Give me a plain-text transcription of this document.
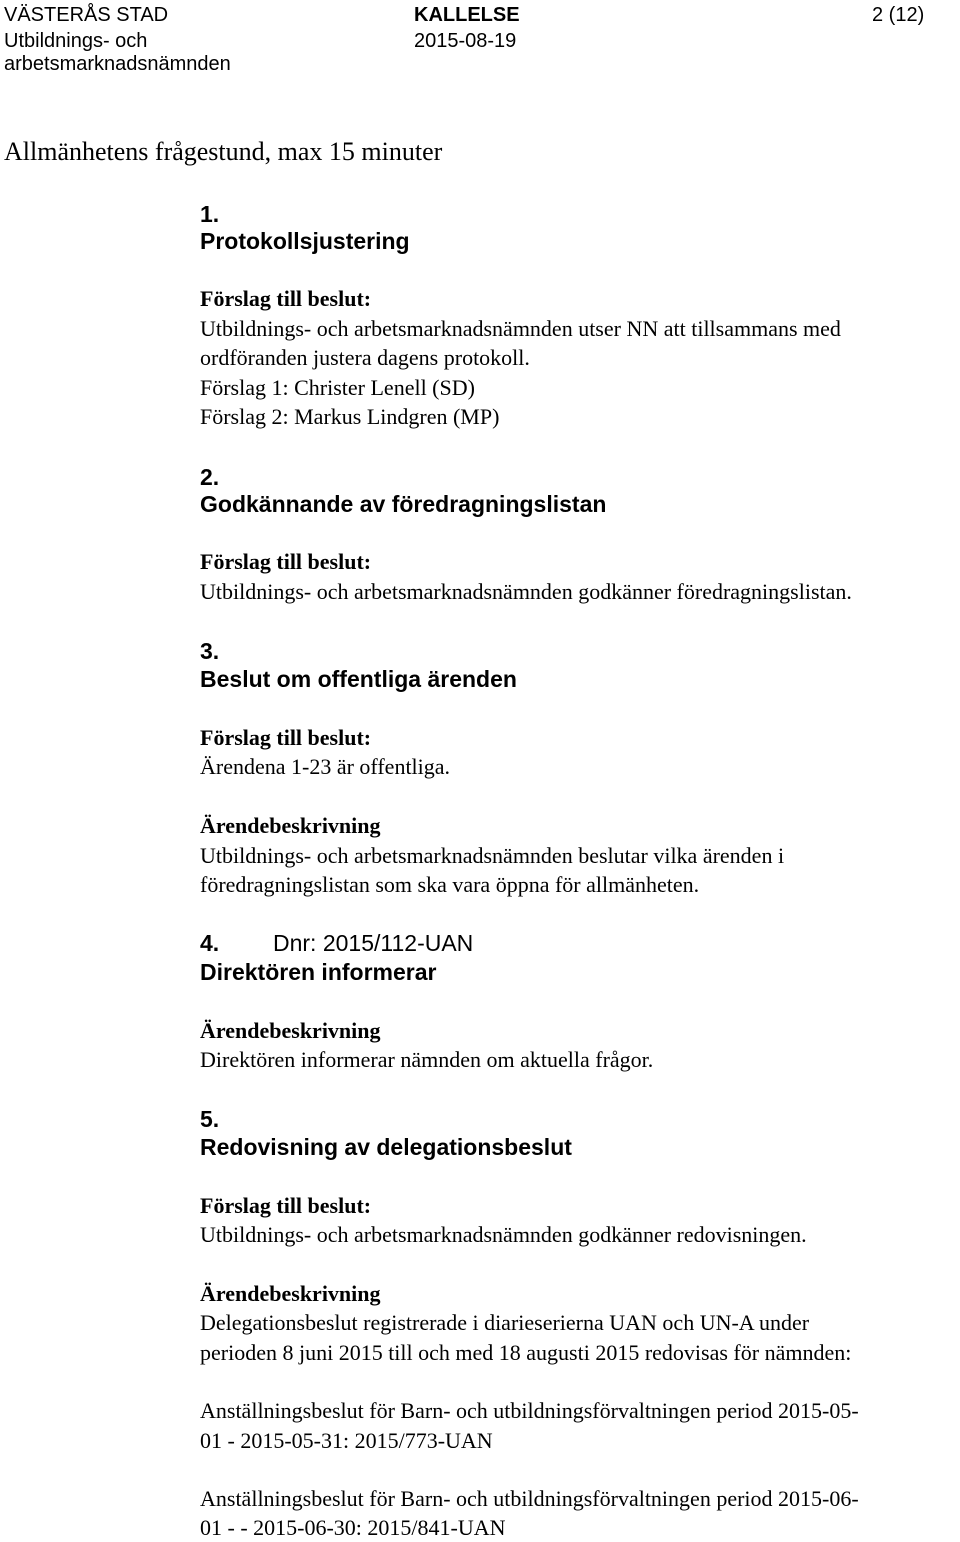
VÄSTERÅS STAD
Utbildnings- och
arbetsmarknadsnämnden
KALLELSE
2015-08-19
2 (12)
Allmänhetens frågestund, max 15 minuter
1.
Protokollsjustering
Förslag till beslut:
Utbildnings- och arbetsmarknadsnämnden utser NN att tillsammans med
ordföranden justera dagens protokoll.
Förslag 1: Christer Lenell (SD)
Förslag 2: Markus Lindgren (MP)
2.
Godkännande av föredragningslistan
Förslag till beslut:
Utbildnings- och arbetsmarknadsnämnden godkänner föredragningslistan.
3.
Beslut om offentliga ärenden
Förslag till beslut:
Ärendena 1-23 är offentliga.
Ärendebeskrivning
Utbildnings- och arbetsmarknadsnämnden beslutar vilka ärenden i
föredragningslistan som ska vara öppna för allmänheten.
4. Dnr: 2015/112-UAN
Direktören informerar
Ärendebeskrivning
Direktören informerar nämnden om aktuella frågor.
5.
Redovisning av delegationsbeslut
Förslag till beslut:
Utbildnings- och arbetsmarknadsnämnden godkänner redovisningen.
Ärendebeskrivning
Delegationsbeslut registrerade i diarieserierna UAN och UN-A under
perioden 8 juni 2015 till och med 18 augusti 2015 redovisas för nämnden:
Anställningsbeslut för Barn- och utbildningsförvaltningen period 2015-05-
01 - 2015-05-31: 2015/773-UAN
Anställningsbeslut för Barn- och utbildningsförvaltningen period 2015-06-
01 - - 2015-06-30: 2015/841-UAN
